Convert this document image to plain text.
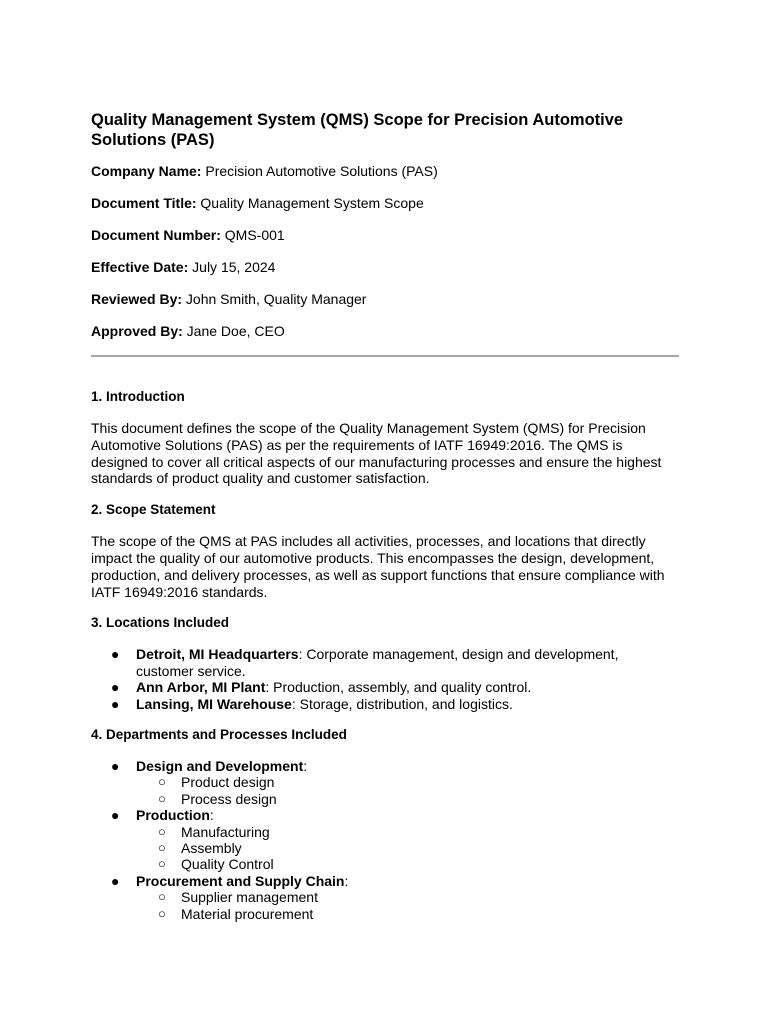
Quality Management System (QMS) Scope for Precision Automotive Solutions (PAS)
Company Name: Precision Automotive Solutions (PAS)
Document Title: Quality Management System Scope
Document Number: QMS-001
Effective Date: July 15, 2024
Reviewed By: John Smith, Quality Manager
Approved By: Jane Doe, CEO
1. Introduction
This document defines the scope of the Quality Management System (QMS) for Precision Automotive Solutions (PAS) as per the requirements of IATF 16949:2016. The QMS is designed to cover all critical aspects of our manufacturing processes and ensure the highest standards of product quality and customer satisfaction.
2. Scope Statement
The scope of the QMS at PAS includes all activities, processes, and locations that directly impact the quality of our automotive products. This encompasses the design, development, production, and delivery processes, as well as support functions that ensure compliance with IATF 16949:2016 standards.
3. Locations Included
● Detroit, MI Headquarters: Corporate management, design and development, customer service.
● Ann Arbor, MI Plant: Production, assembly, and quality control.
● Lansing, MI Warehouse: Storage, distribution, and logistics.
4. Departments and Processes Included
● Design and Development:
○ Product design
○ Process design
● Production:
○ Manufacturing
○ Assembly
○ Quality Control
● Procurement and Supply Chain:
○ Supplier management
○ Material procurement
